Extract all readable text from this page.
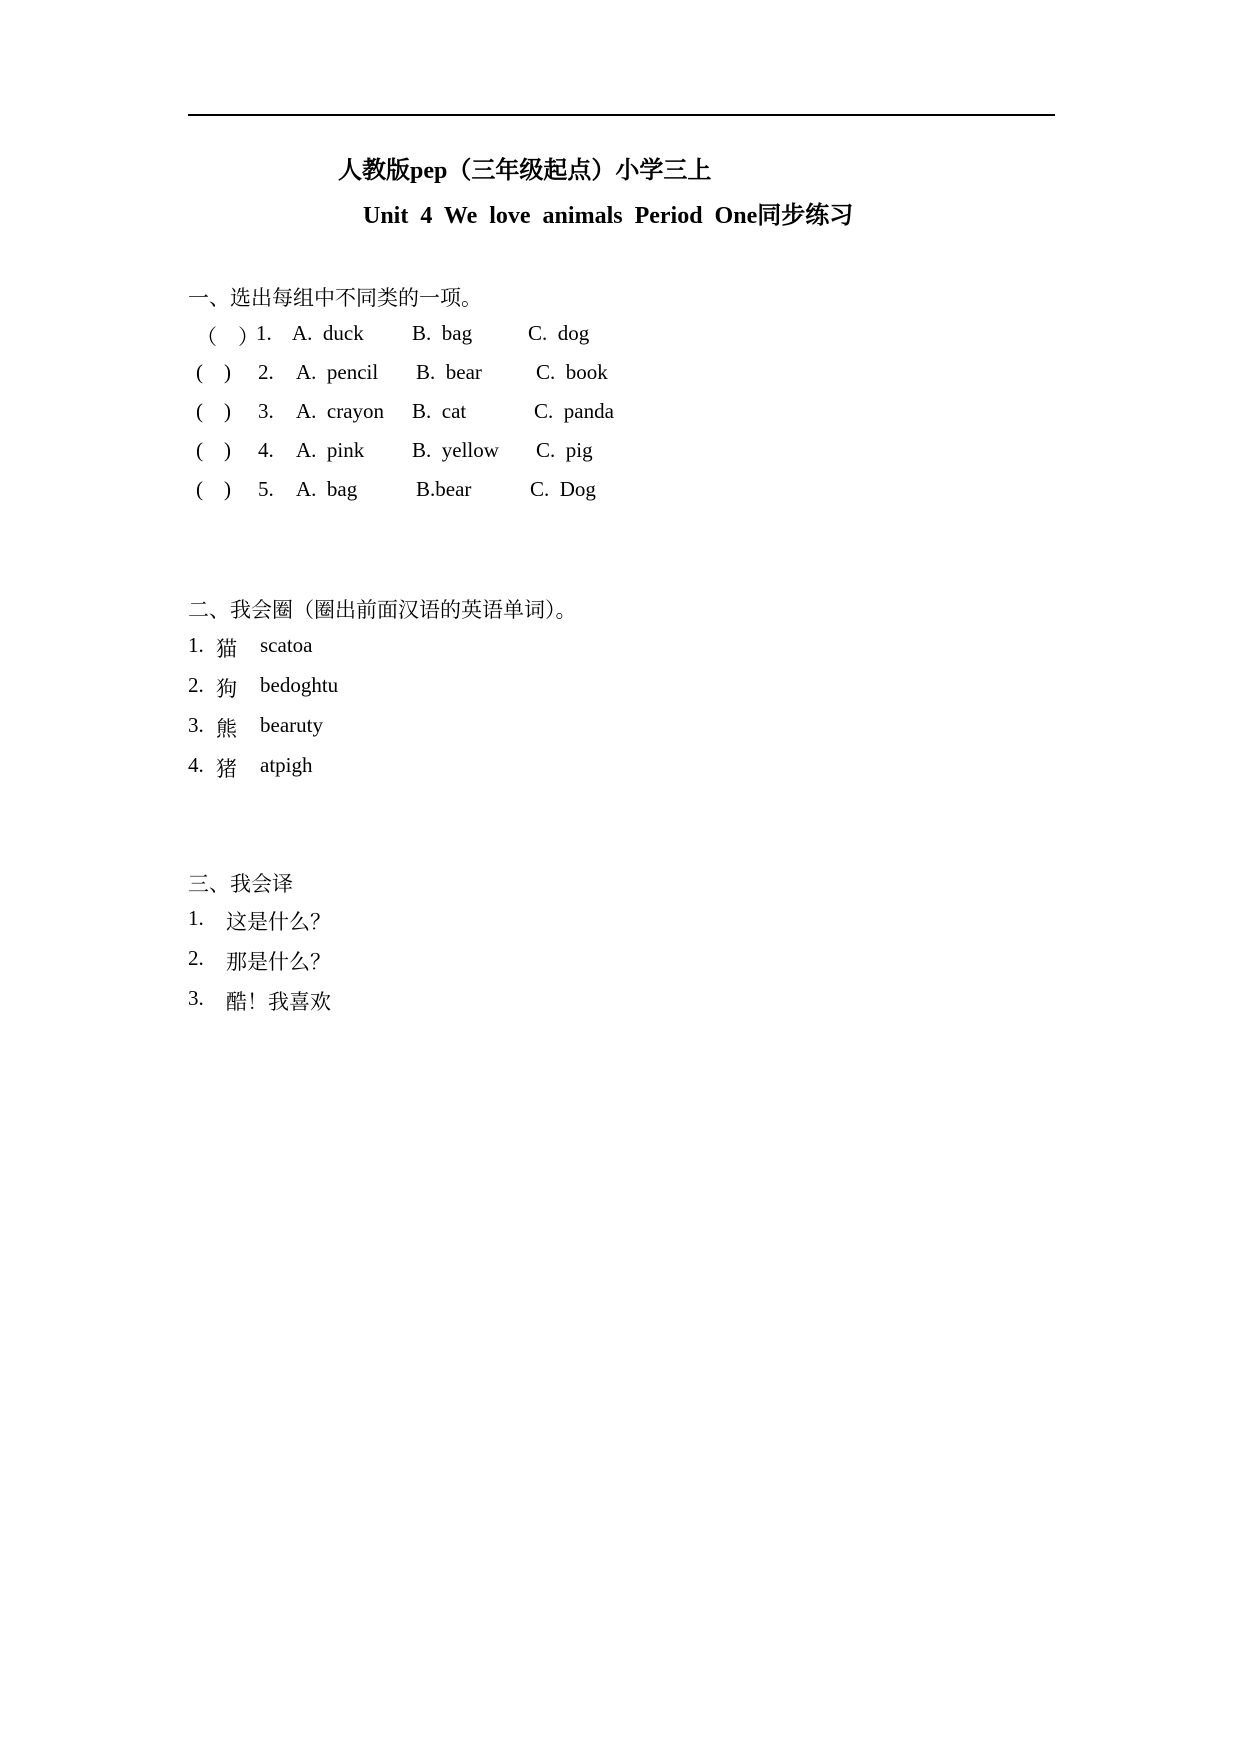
人教版pep（三年级起点）小学三上
Unit 4 We love animals Period One同步练习
一、选出每组中不同类的一项。
（　）
1. A.  duck B.  bag	C.  dog
(    ) 2. A.  pencil B.  bear	C.  book
(    ) 3. A.  crayon B.  cat	C.  panda
(    ) 4. A.  pink B.  yellow C.  pig
(    ) 5. A.  bag	B.bear	C.  Dog
二、我会圈（圈出前面汉语的英语单词）。
1. 猫 scatoa
2. 狗 bedoghtu
3. 熊 bearuty
4. 猪 atpigh
三、我会译
1. 这是什么？
2. 那是什么？
3. 酷！我喜欢
